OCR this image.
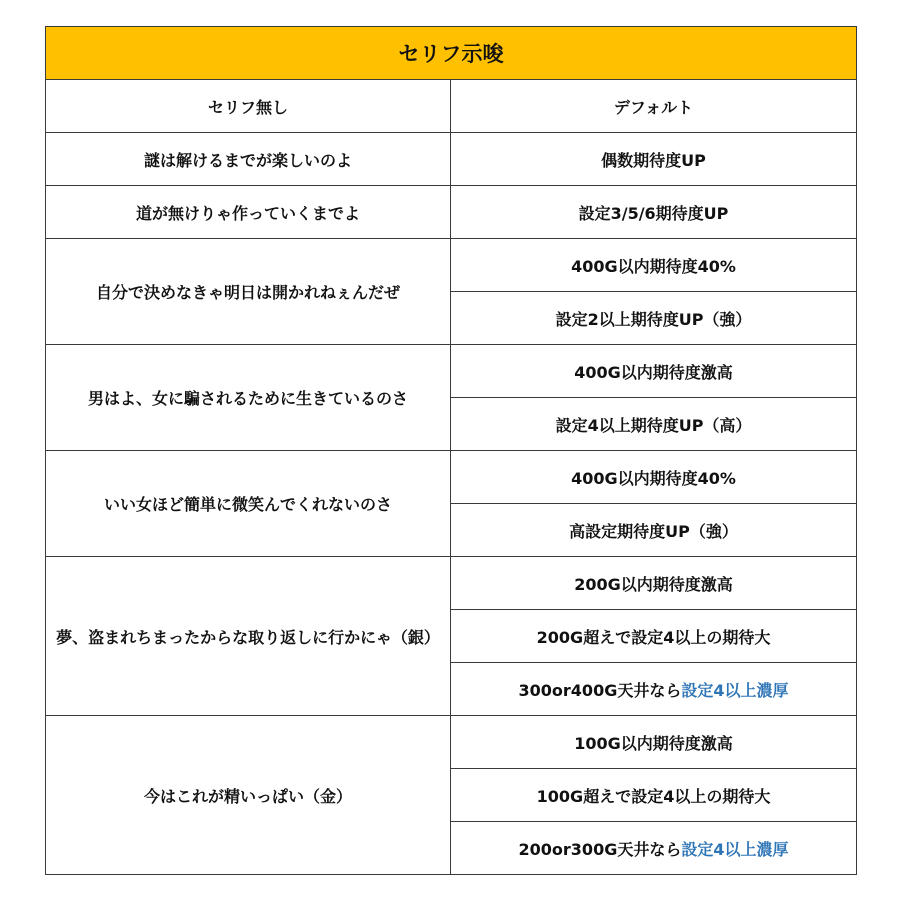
セリフ示唆	
セリフ無し	デフォルト
謎は解けるまでが楽しいのよ	偶数期待度UP
道が無けりゃ作っていくまでよ	設定3/5/6期待度UP
自分で決めなきゃ明日は開かれねぇんだぜ	400G以内期待度40%
	設定2以上期待度UP（強）
男はよ、女に騙されるために生きているのさ	400G以内期待度激高
	設定4以上期待度UP（高）
いい女ほど簡単に微笑んでくれないのさ	400G以内期待度40%
	高設定期待度UP（強）
夢、盗まれちまったからな取り返しに行かにゃ（銀）	200G以内期待度激高
	200G超えで設定4以上の期待大
	300or400G天井なら設定4以上濃厚
今はこれが精いっぱい（金）	100G以内期待度激高
	100G超えで設定4以上の期待大
	200or300G天井なら設定4以上濃厚
